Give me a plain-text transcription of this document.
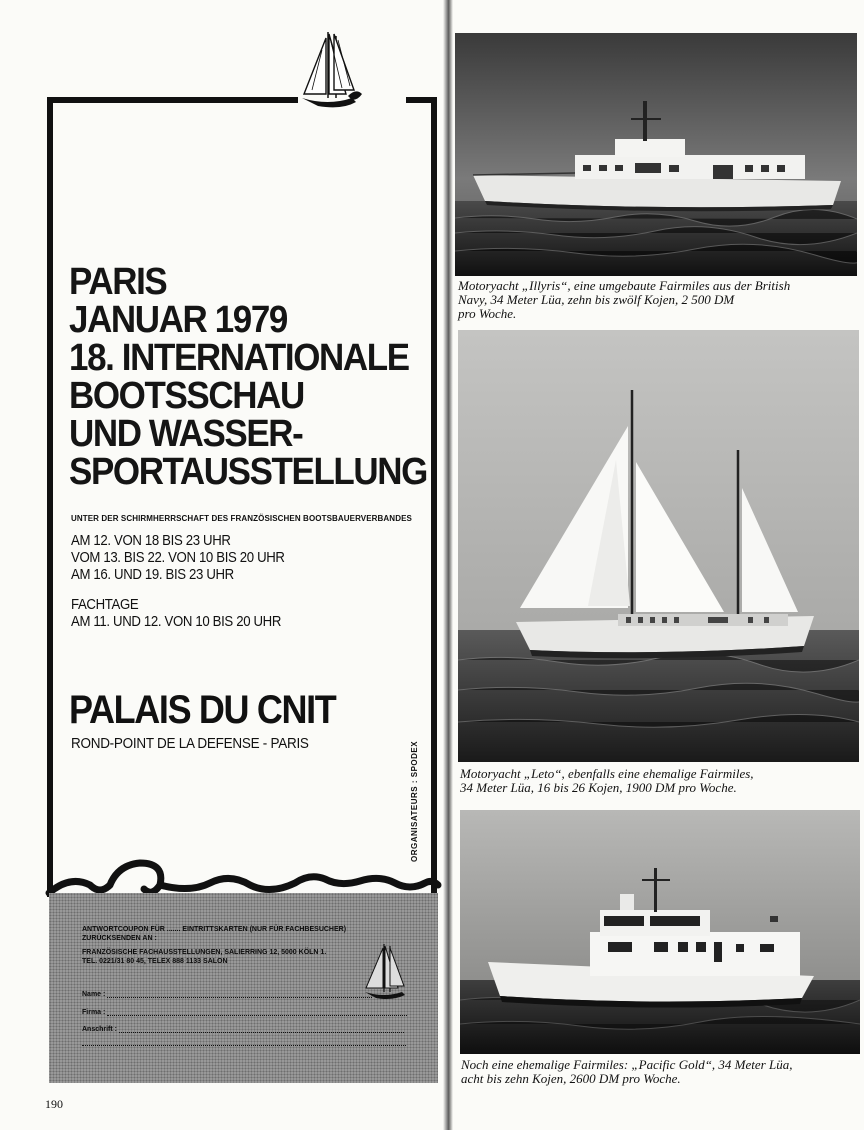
PARIS
JANUAR 1979
18. INTERNATIONALE
BOOTSSCHAU
UND WASSER-
SPORTAUSSTELLUNG
UNTER DER SCHIRMHERRSCHAFT DES FRANZÖSISCHEN BOOTSBAUERVERBANDES
AM 12. VON 18 BIS 23 UHR
VOM 13. BIS 22. VON 10 BIS 20 UHR
AM 16. UND 19. BIS 23 UHR
FACHTAGE
AM 11. UND 12. VON 10 BIS 20 UHR
PALAIS DU CNIT
ROND-POINT DE LA DEFENSE - PARIS	ORGANISATEURS : SPODEX
ANTWORTCOUPON FÜR ....... EINTRITTSKARTEN (NUR FÜR FACHBESUCHER)
ZURÜCKSENDEN AN :
FRANZÖSISCHE FACHAUSSTELLUNGEN, SALIERRING 12, 5000 KÖLN 1.
TEL. 0221/31 80 45, TELEX 888 1133 SALON
Name :
Firma :
Anschrift :
190
Motoryacht „Illyris“, eine umgebaute Fairmiles aus der British
Navy, 34 Meter Lüa, zehn bis zwölf Kojen, 2 500 DM
pro Woche.
Motoryacht „Leto“, ebenfalls eine ehemalige Fairmiles,
34 Meter Lüa, 16 bis 26 Kojen, 1900 DM pro Woche.
Noch eine ehemalige Fairmiles: „Pacific Gold“, 34 Meter Lüa,
acht bis zehn Kojen, 2600 DM pro Woche.
